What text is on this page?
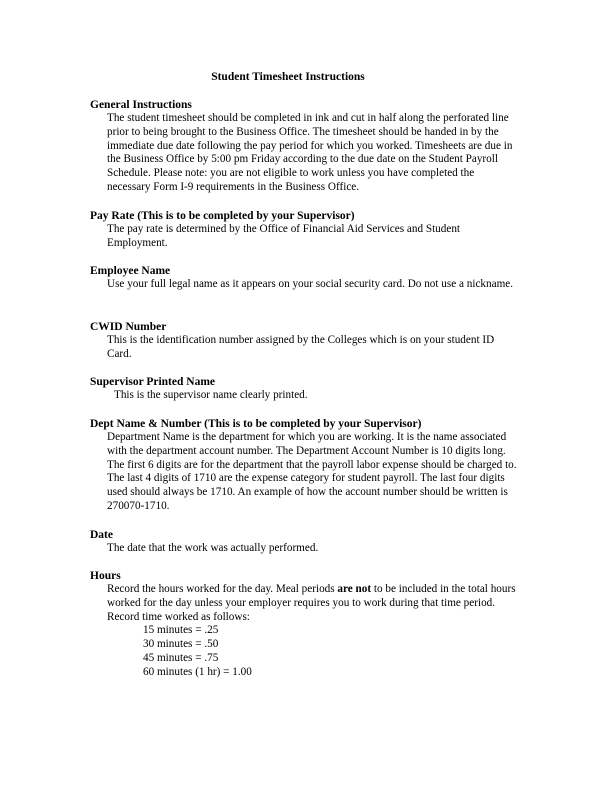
Student Timesheet Instructions

General Instructions

The student timesheet should be completed in ink and cut in half along the perforated line prior to being brought to the Business Office. The timesheet should be handed in by the immediate due date following the pay period for which you worked. Timesheets are due in the Business Office by 5:00 pm Friday according to the due date on the Student Payroll Schedule. Please note: you are not eligible to work unless you have completed the necessary Form I-9 requirements in the Business Office.

Pay Rate (This is to be completed by your Supervisor)

The pay rate is determined by the Office of Financial Aid Services and Student Employment.

Employee Name

Use your full legal name as it appears on your social security card. Do not use a nickname.

CWID Number

This is the identification number assigned by the Colleges which is on your student ID Card.

Supervisor Printed Name

This is the supervisor name clearly printed.

Dept Name & Number (This is to be completed by your Supervisor)

Department Name is the department for which you are working. It is the name associated with the department account number. The Department Account Number is 10 digits long. The first 6 digits are for the department that the payroll labor expense should be charged to. The last 4 digits of 1710 are the expense category for student payroll. The last four digits used should always be 1710. An example of how the account number should be written is 270070-1710.

Date

The date that the work was actually performed.

Hours

Record the hours worked for the day. Meal periods are not to be included in the total hours worked for the day unless your employer requires you to work during that time period. Record time worked as follows:

15 minutes = .25
30 minutes = .50
45 minutes = .75
60 minutes (1 hr) = 1.00
